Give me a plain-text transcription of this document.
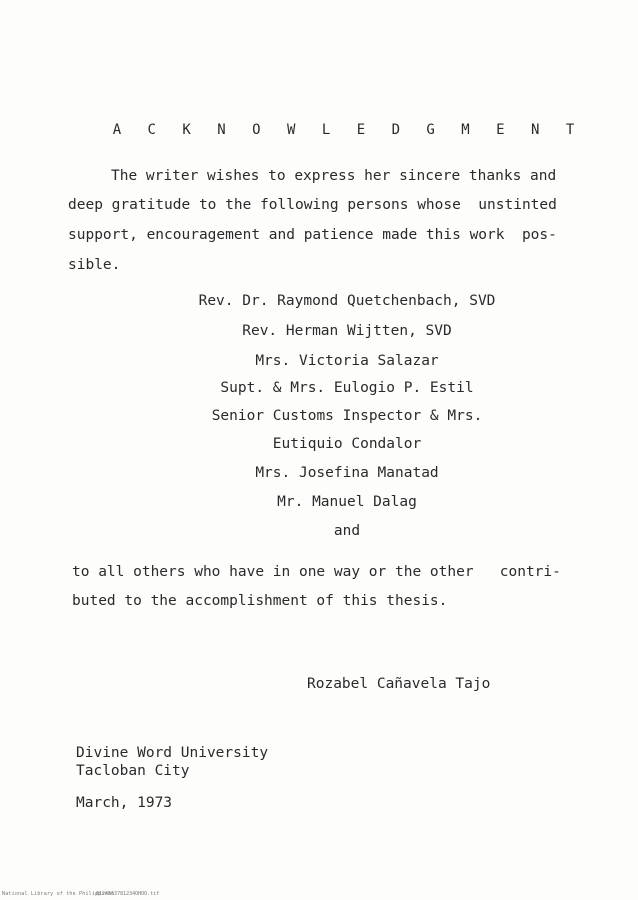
A C K N O W L E D G M E N T
The writer wishes to express her sincere thanks and
deep gratitude to the following persons whose  unstinted
support, encouragement and patience made this work  pos-
sible.
Rev. Dr. Raymond Quetchenbach, SVD
Rev. Herman Wijtten, SVD
Mrs. Victoria Salazar
Supt. & Mrs. Eulogio P. Estil
Senior Customs Inspector & Mrs.
Eutiquio Condalor
Mrs. Josefina Manatad
Mr. Manuel Dalag
and
to all others who have in one way or the other   contri-
buted to the accomplishment of this thesis.
Rozabel Cañavela Tajo
Divine Word University
Tacloban City
March, 1973
National Library of the Philippines
0124563781234OHOO.tif
